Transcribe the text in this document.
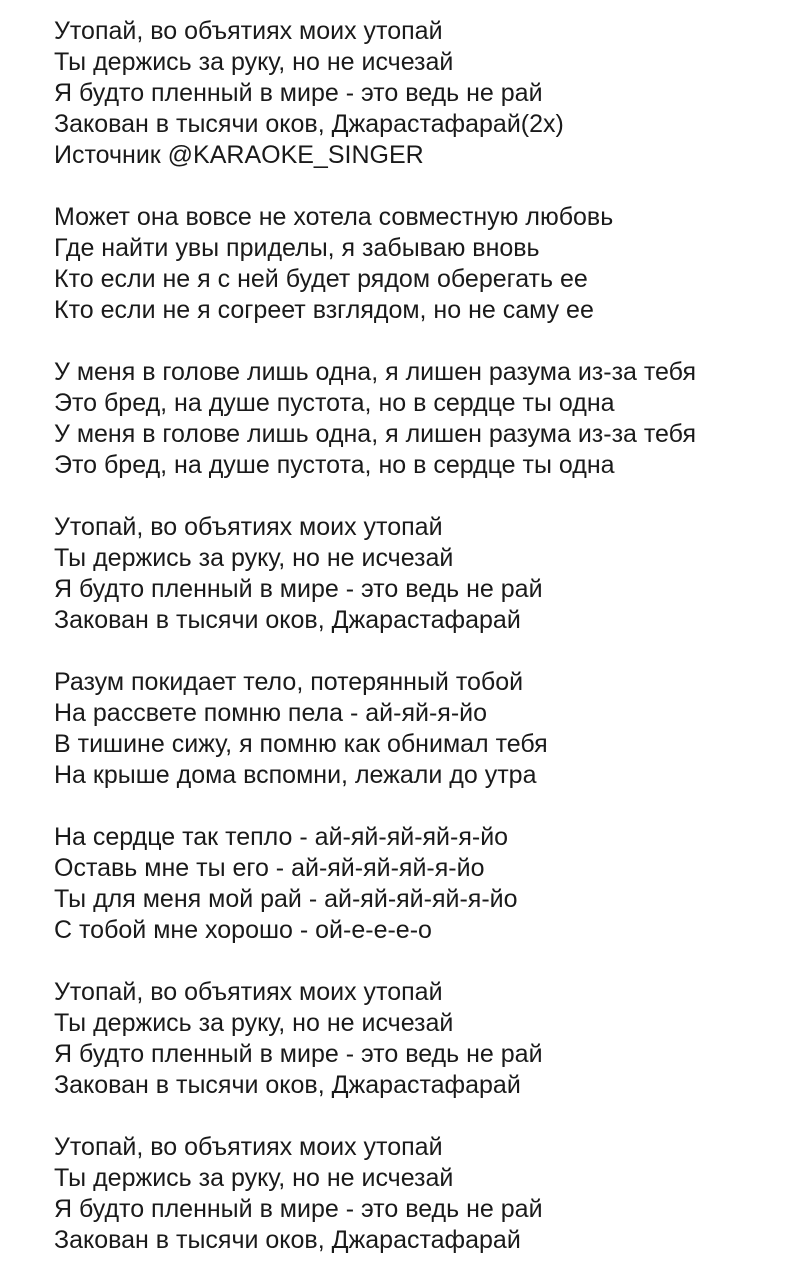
Утопай, во объятиях моих утопай
Ты держись за руку, но не исчезай
Я будто пленный в мире - это ведь не рай
Закован в тысячи оков, Джарастафарай(2x)
Источник @KARAOKE_SINGER
Может она вовсе не хотела совместную любовь
Где найти увы приделы, я забываю вновь
Кто если не я с ней будет рядом оберегать ее
Кто если не я согреет взглядом, но не саму ее
У меня в голове лишь одна, я лишен разума из-за тебя
Это бред, на душе пустота, но в сердце ты одна
У меня в голове лишь одна, я лишен разума из-за тебя
Это бред, на душе пустота, но в сердце ты одна
Утопай, во объятиях моих утопай
Ты держись за руку, но не исчезай
Я будто пленный в мире - это ведь не рай
Закован в тысячи оков, Джарастафарай
Разум покидает тело, потерянный тобой
На рассвете помню пела - ай-яй-я-йо
В тишине сижу, я помню как обнимал тебя
На крыше дома вспомни, лежали до утра
На сердце так тепло - ай-яй-яй-яй-я-йо
Оставь мне ты его - ай-яй-яй-яй-я-йо
Ты для меня мой рай - ай-яй-яй-яй-я-йо
С тобой мне хорошо - ой-е-е-е-о
Утопай, во объятиях моих утопай
Ты держись за руку, но не исчезай
Я будто пленный в мире - это ведь не рай
Закован в тысячи оков, Джарастафарай
Утопай, во объятиях моих утопай
Ты держись за руку, но не исчезай
Я будто пленный в мире - это ведь не рай
Закован в тысячи оков, Джарастафарай
